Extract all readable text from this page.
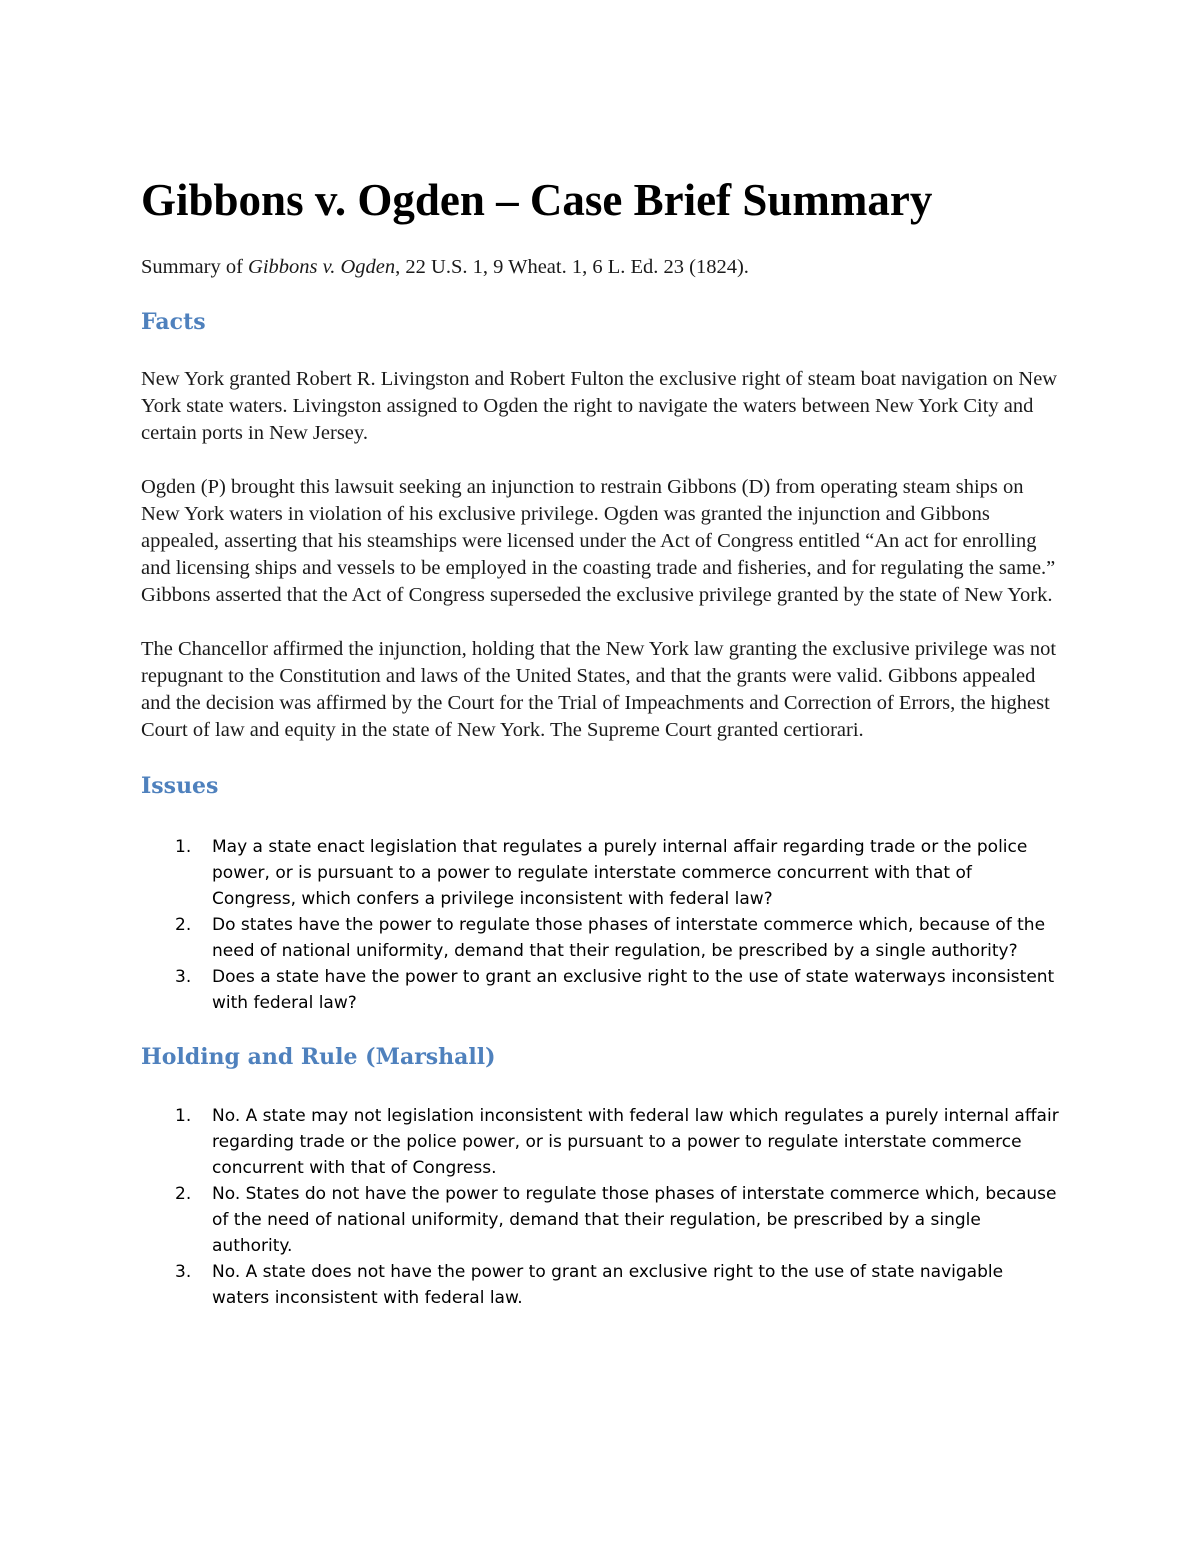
Gibbons v. Ogden – Case Brief Summary

Summary of Gibbons v. Ogden, 22 U.S. 1, 9 Wheat. 1, 6 L. Ed. 23 (1824).

Facts

New York granted Robert R. Livingston and Robert Fulton the exclusive right of steam boat navigation on New York state waters. Livingston assigned to Ogden the right to navigate the waters between New York City and certain ports in New Jersey.

Ogden (P) brought this lawsuit seeking an injunction to restrain Gibbons (D) from operating steam ships on New York waters in violation of his exclusive privilege. Ogden was granted the injunction and Gibbons appealed, asserting that his steamships were licensed under the Act of Congress entitled “An act for enrolling and licensing ships and vessels to be employed in the coasting trade and fisheries, and for regulating the same.” Gibbons asserted that the Act of Congress superseded the exclusive privilege granted by the state of New York.

The Chancellor affirmed the injunction, holding that the New York law granting the exclusive privilege was not repugnant to the Constitution and laws of the United States, and that the grants were valid. Gibbons appealed and the decision was affirmed by the Court for the Trial of Impeachments and Correction of Errors, the highest Court of law and equity in the state of New York. The Supreme Court granted certiorari.

Issues
1. May a state enact legislation that regulates a purely internal affair regarding trade or the police power, or is pursuant to a power to regulate interstate commerce concurrent with that of Congress, which confers a privilege inconsistent with federal law?
2. Do states have the power to regulate those phases of interstate commerce which, because of the need of national uniformity, demand that their regulation, be prescribed by a single authority?
3. Does a state have the power to grant an exclusive right to the use of state waterways inconsistent with federal law?
Holding and Rule (Marshall)
1. No. A state may not legislation inconsistent with federal law which regulates a purely internal affair regarding trade or the police power, or is pursuant to a power to regulate interstate commerce concurrent with that of Congress.
2. No. States do not have the power to regulate those phases of interstate commerce which, because of the need of national uniformity, demand that their regulation, be prescribed by a single authority.
3. No. A state does not have the power to grant an exclusive right to the use of state navigable waters inconsistent with federal law.
